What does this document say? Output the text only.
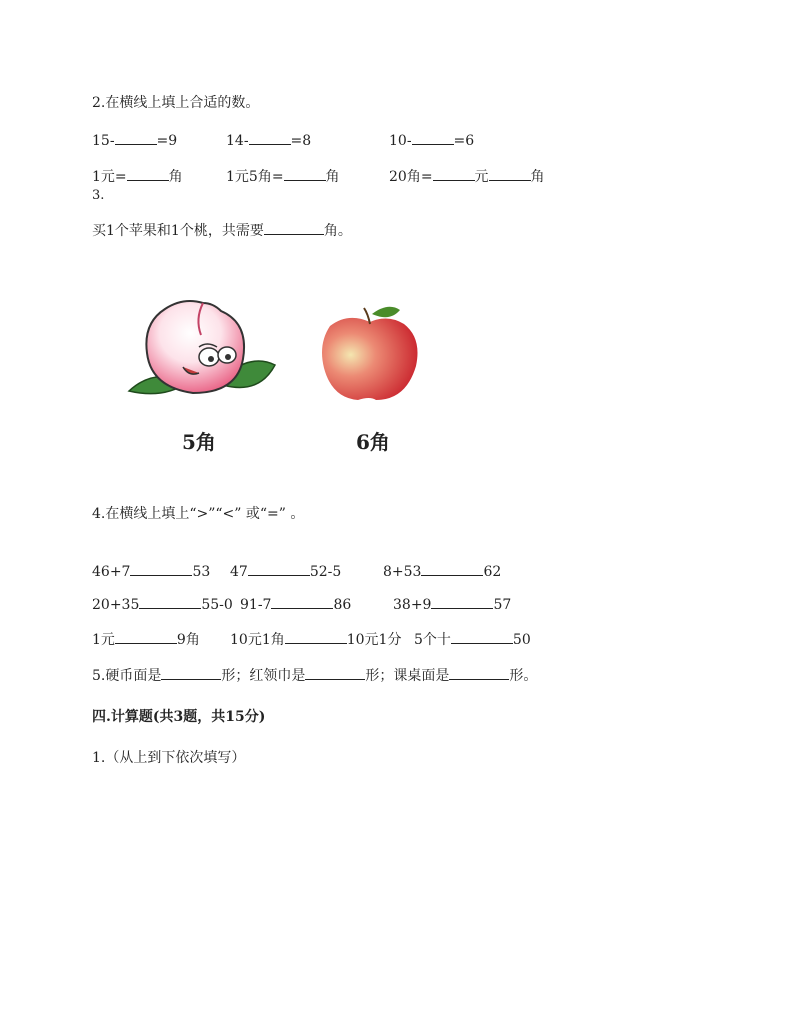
2.在横线上填上合适的数。
15-	=9	14-	=8	10-	=6
1元=	角	1元5角=	角	20角=	元	角
3.
买1个苹果和1个桃，共需要	角。
5角	6角
4.在横线上填上“>”“<” 或“=” 。
46+7	53 47	52-5	8+53	62
20+35	55-0 91-7	86	38+9	57
1元	9角 10元1角	10元1分 5个十	50
5.硬币面是	形；红领巾是	形；课桌面是	形。
四.计算题(共3题，共15分)
1.（从上到下依次填写）
